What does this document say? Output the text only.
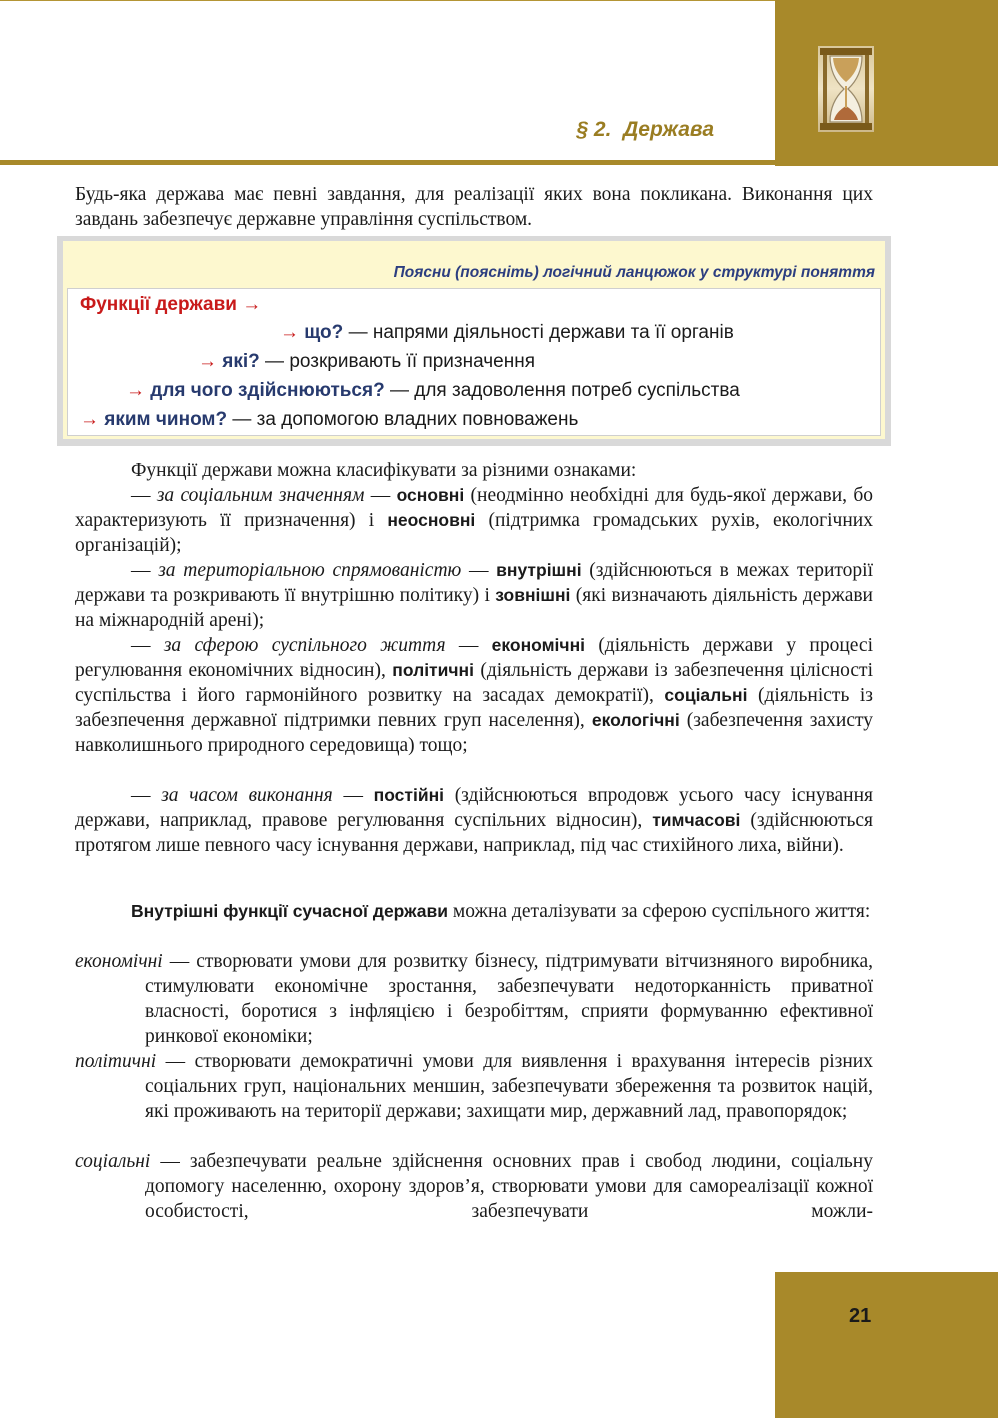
§ 2.  Держава

Будь-яка держава має певні завдання, для реалізації яких вона покликана. Виконання цих завдань забезпечує державне управління суспільством.

Поясни (поясніть) логічний ланцюжок у структурі поняття
Функції держави →
→ що? — напрями діяльності держави та її органів
→ які? — розкривають її призначення
→ для чого здійснюються? — для задоволення потреб суспільства
→ яким чином? — за допомогою владних повноважень

Функції держави можна класифікувати за різними ознаками:

— за соціальним значенням — основні (неодмінно необхідні для будь-якої держави, бо характеризують її призначення) і неосновні (підтримка громадських рухів, екологічних організацій);

— за територіальною спрямованістю — внутрішні (здійснюються в межах території держави та розкривають її внутрішню політику) і зовнішні (які визначають діяльність держави на міжнародній арені);

— за сферою суспільного життя — економічні (діяльність держави у процесі регулювання економічних відносин), політичні (діяльність держави із забезпечення цілісності суспільства і його гармонійного розвитку на засадах демократії), соціальні (діяльність із забезпечення державної підтримки певних груп населення), екологічні (забезпечення захисту навколишнього природного середовища) тощо;

— за часом виконання — постійні (здійснюються впродовж усього часу існування держави, наприклад, правове регулювання суспільних відносин), тимчасові (здійснюються протягом лише певного часу існування держави, наприклад, під час стихійного лиха, війни).

Внутрішні функції сучасної держави можна деталізувати за сферою суспільного життя:

економічні — створювати умови для розвитку бізнесу, підтримувати вітчизняного виробника, стимулювати економічне зростання, забезпечувати недоторканність приватної власності, боротися з інфляцією і безробіттям, сприяти формуванню ефективної ринкової економіки;

політичні — створювати демократичні умови для виявлення і врахування інтересів різних соціальних груп, національних меншин, забезпечувати збереження та розвиток націй, які проживають на території держави; захищати мир, державний лад, правопорядок;

соціальні — забезпечувати реальне здійснення основних прав і свобод людини, соціальну допомогу населенню, охорону здоров’я, створювати умови для самореалізації кожної особистості, забезпечувати можли-

21
